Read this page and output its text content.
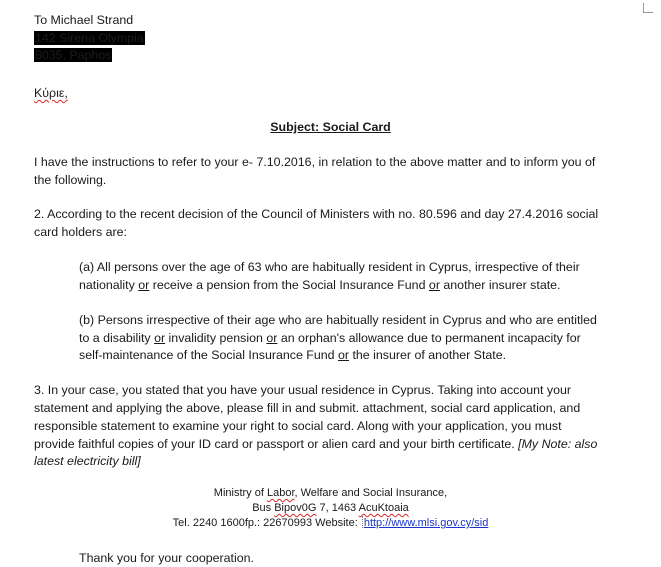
To Michael Strand
142 Sirena Olympia
8035, Paphos
Κύριε,
Subject: Social Card
I have the instructions to refer to your e- 7.10.2016, in relation to the above matter and to inform you of
the following.
2. According to the recent decision of the Council of Ministers with no. 80.596 and day 27.4.2016 social
card holders are:
(a) All persons over the age of 63 who are habitually resident in Cyprus, irrespective of their
nationality or receive a pension from the Social Insurance Fund or another insurer state.
(b) Persons irrespective of their age who are habitually resident in Cyprus and who are entitled
to a disability or invalidity pension or an orphan's allowance due to permanent incapacity for
self-maintenance of the Social Insurance Fund or the insurer of another State.
3. In your case, you stated that you have your usual residence in Cyprus. Taking into account your
statement and applying the above, please fill in and submit. attachment, social card application, and
responsible statement to examine your right to social card. Along with your application, you must
provide faithful copies of your ID card or passport or alien card and your birth certificate. [My Note: also
latest electricity bill]
Ministry of Labor, Welfare and Social Insurance,
Bus Bipov0G 7, 1463 AcuKtoaia
Tel. 2240 1600fp.: 22670993 Website: http://www.mlsi.gov.cy/sid
Thank you for your cooperation.
